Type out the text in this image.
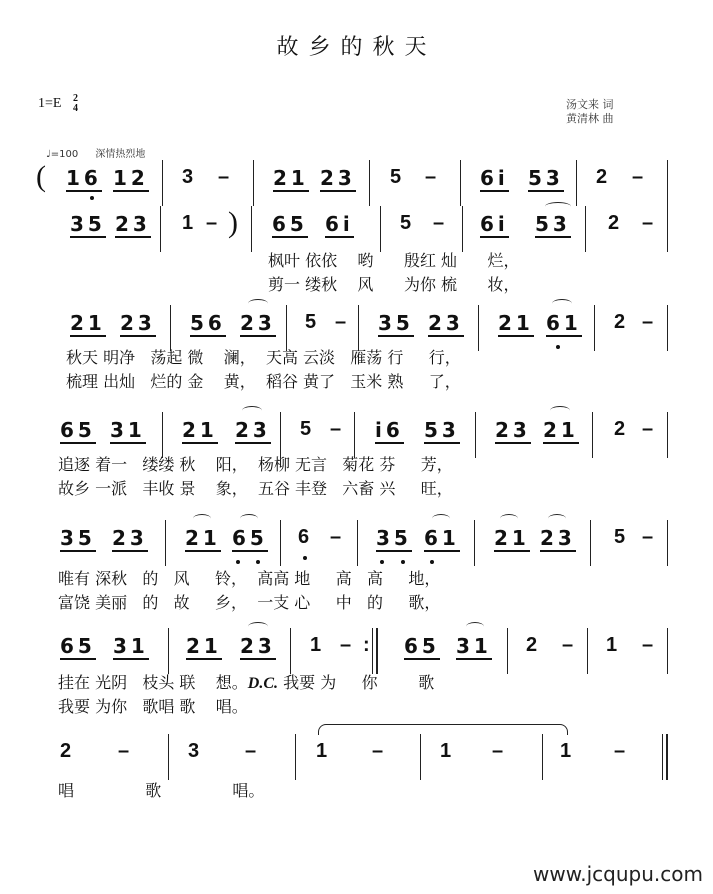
故乡的秋天
1=E 2
4	汤文来 词
黄清林 曲
♩=100 深情热烈地
( 16 12 3 – 21 23 5 – 6i 53 2 –
35 23 1 – ) 65 6i 5 – 6i 53 2 –
枫叶 依依    哟      殷红 灿      烂，
剪一 缕秋    风      为你 梳      妆，
21 23 56 23 5 – 35 23 21 61 2 –
秋天 明净   荡起 微    澜，  天高 云淡   雁荡 行     行，
梳理 出灿   烂的 金    黄，  稻谷 黄了   玉米 熟     了，
65 31 21 23 5 – i6 53 23 21 2 –
追逐 着一   缕缕 秋    阳，  杨柳 无言   菊花 芬     芳，
故乡 一派   丰收 景    象，  五谷 丰登   六畜 兴     旺，
35 23 21 65 6 – 35 61 21 23 5 –
唯有 深秋   的   风     铃，  高高 地     高   高     地，
富饶 美丽   的   故     乡，  一支 心     中   的     歌，
65 31 21 23 1 – : 65 31 2 – 1 –
挂在 光阴   枝头 联    想。D.C. 我要 为     你        歌
我要 为你   歌唱 歌    唱。
2 –	3 –	1 –	1 –	1 –
唱              歌              唱。
www.jcqupu.com
